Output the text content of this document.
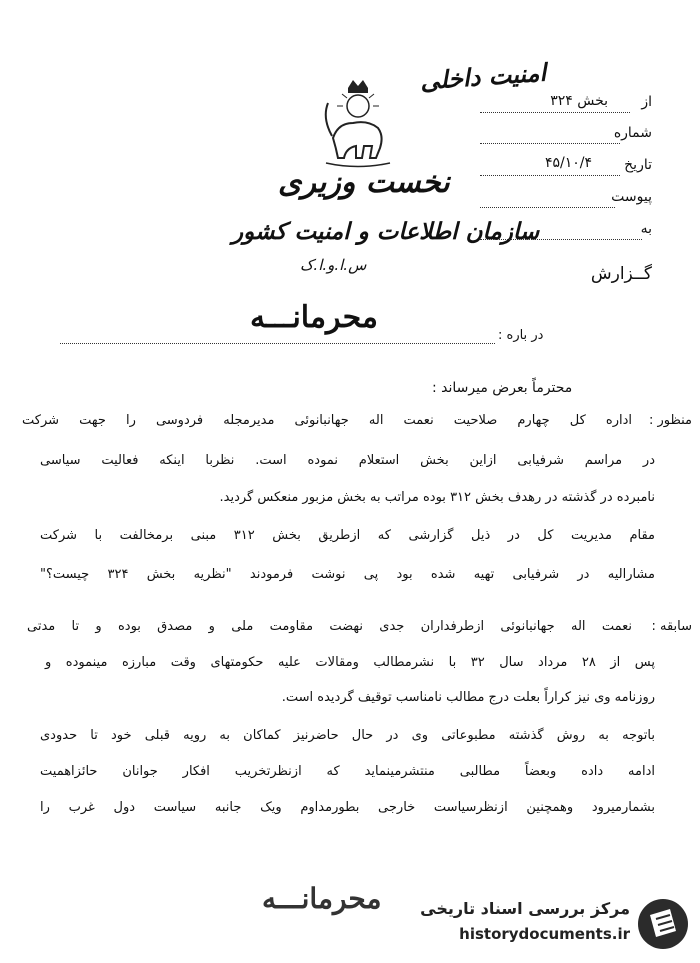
امنیت داخلی
نخست وزیری
سازمان اطلاعات و امنیت کشور
س.ا.و.ا.ک
از
بخش ۳۲۴
شماره
تاریخ
۴۵/۱۰/۴
پیوست
به
گــزارش
محرمانـــه
در باره :
محترماً بعرض میرساند :
منظور :
اداره کل چهارم صلاحیت نعمت اله جهانبانوئی مدیرمجله فردوسی را جهت شرکت
در مراسم شرفیابی ازاین بخش استعلام نموده است. نظربا اینکه فعالیت سیاسی
نامبرده در گذشته در رهدف بخش ۳۱۲ بوده مراتب به بخش مزبور منعکس گردید.
مقام مدیریت کل در ذیل گزارشی که ازطریق بخش ۳۱۲ مبنی برمخالفت با شرکت
مشارالیه در شرفیابی تهیه شده بود پی نوشت فرمودند "نظریه بخش ۳۲۴ چیست؟"
سابقه :
نعمت اله جهانبانوئی ازطرفداران جدی نهضت مقاومت ملی و مصدق بوده و تا مدتی
پس از ۲۸ مرداد سال ۳۲ با نشرمطالب ومقالات علیه حکومتهای وقت مبارزه مینموده و
روزنامه وی نیز کراراً بعلت درج مطالب نامناسب توقیف گردیده است.
باتوجه به روش گذشته مطبوعاتی وی در حال حاضرنیز کماکان به رویه قبلی خود تا حدودی
ادامه داده وبعضاً مطالبی منتشرمینماید که ازنظرتخریب افکار جوانان حائزاهمیت
بشمارمیرود وهمچنین ازنظرسیاست خارجی بطورمداوم ویک جانبه سیاست دول غرب را
محرمانـــه مرکز بررسی اسناد تاریخی
historydocuments.ir
